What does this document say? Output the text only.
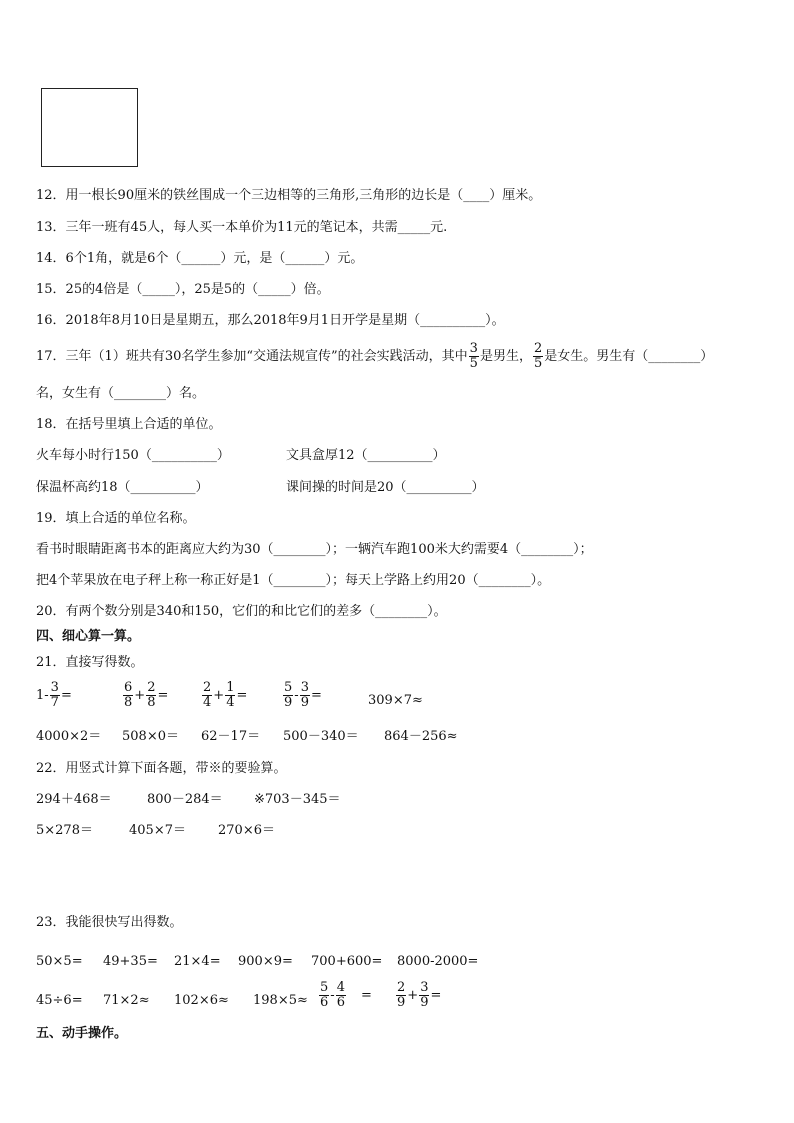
12．用一根长90厘米的铁丝围成一个三边相等的三角形,三角形的边长是（____）厘米。
13．三年一班有45人，每人买一本单价为11元的笔记本，共需_____元.
14．6个1角，就是6个（______）元，是（______）元。
15．25的4倍是（_____），25是5的（_____）倍。
16．2018年8月10日是星期五，那么2018年9月1日开学是星期（__________）。
17．三年（1）班共有30名学生参加“交通法规宣传”的社会实践活动，其中 $\frac{3}{5}$ 是男生， $\frac{2}{5}$ 是女生。男生有（________）
名，女生有（________）名。
18．在括号里填上合适的单位。
火车每小时行150（__________）	文具盒厚12（__________）
保温杯高约18（__________）	课间操的时间是20（__________）
19．填上合适的单位名称。
看书时眼睛距离书本的距离应大约为30（________）；一辆汽车跑100米大约需要4（________）；
把4个苹果放在电子秤上称一称正好是1（________）；每天上学路上约用20（________）。
20．有两个数分别是340和150，它们的和比它们的差多（________）。
四、细心算一算。
21．直接写得数。
$1- \frac{3}{7}$ =	$\frac{6}{8} + \frac{2}{8}$ =	$\frac{2}{4} + \frac{1}{4}$ =	$\frac{5}{9} - \frac{3}{9}$ =	309×7≈
4000×2＝ 508×0＝ 62－17＝ 500－340＝ 864－256≈
22．用竖式计算下面各题，带※的要验算。
294＋468＝	800－284＝ ※703－345＝
5×278＝	405×7＝ 270×6＝
23．我能很快写出得数。
50×5= 49+35= 21×4= 900×9= 700+600= 8000-2000=
$45\div 6= 71\times 2\approx 102\times 6\approx 198\times 5\approx \frac{5}{6} - \frac{4}{6} = \frac{2}{9} + \frac{3}{9}$ =
五、动手操作。
